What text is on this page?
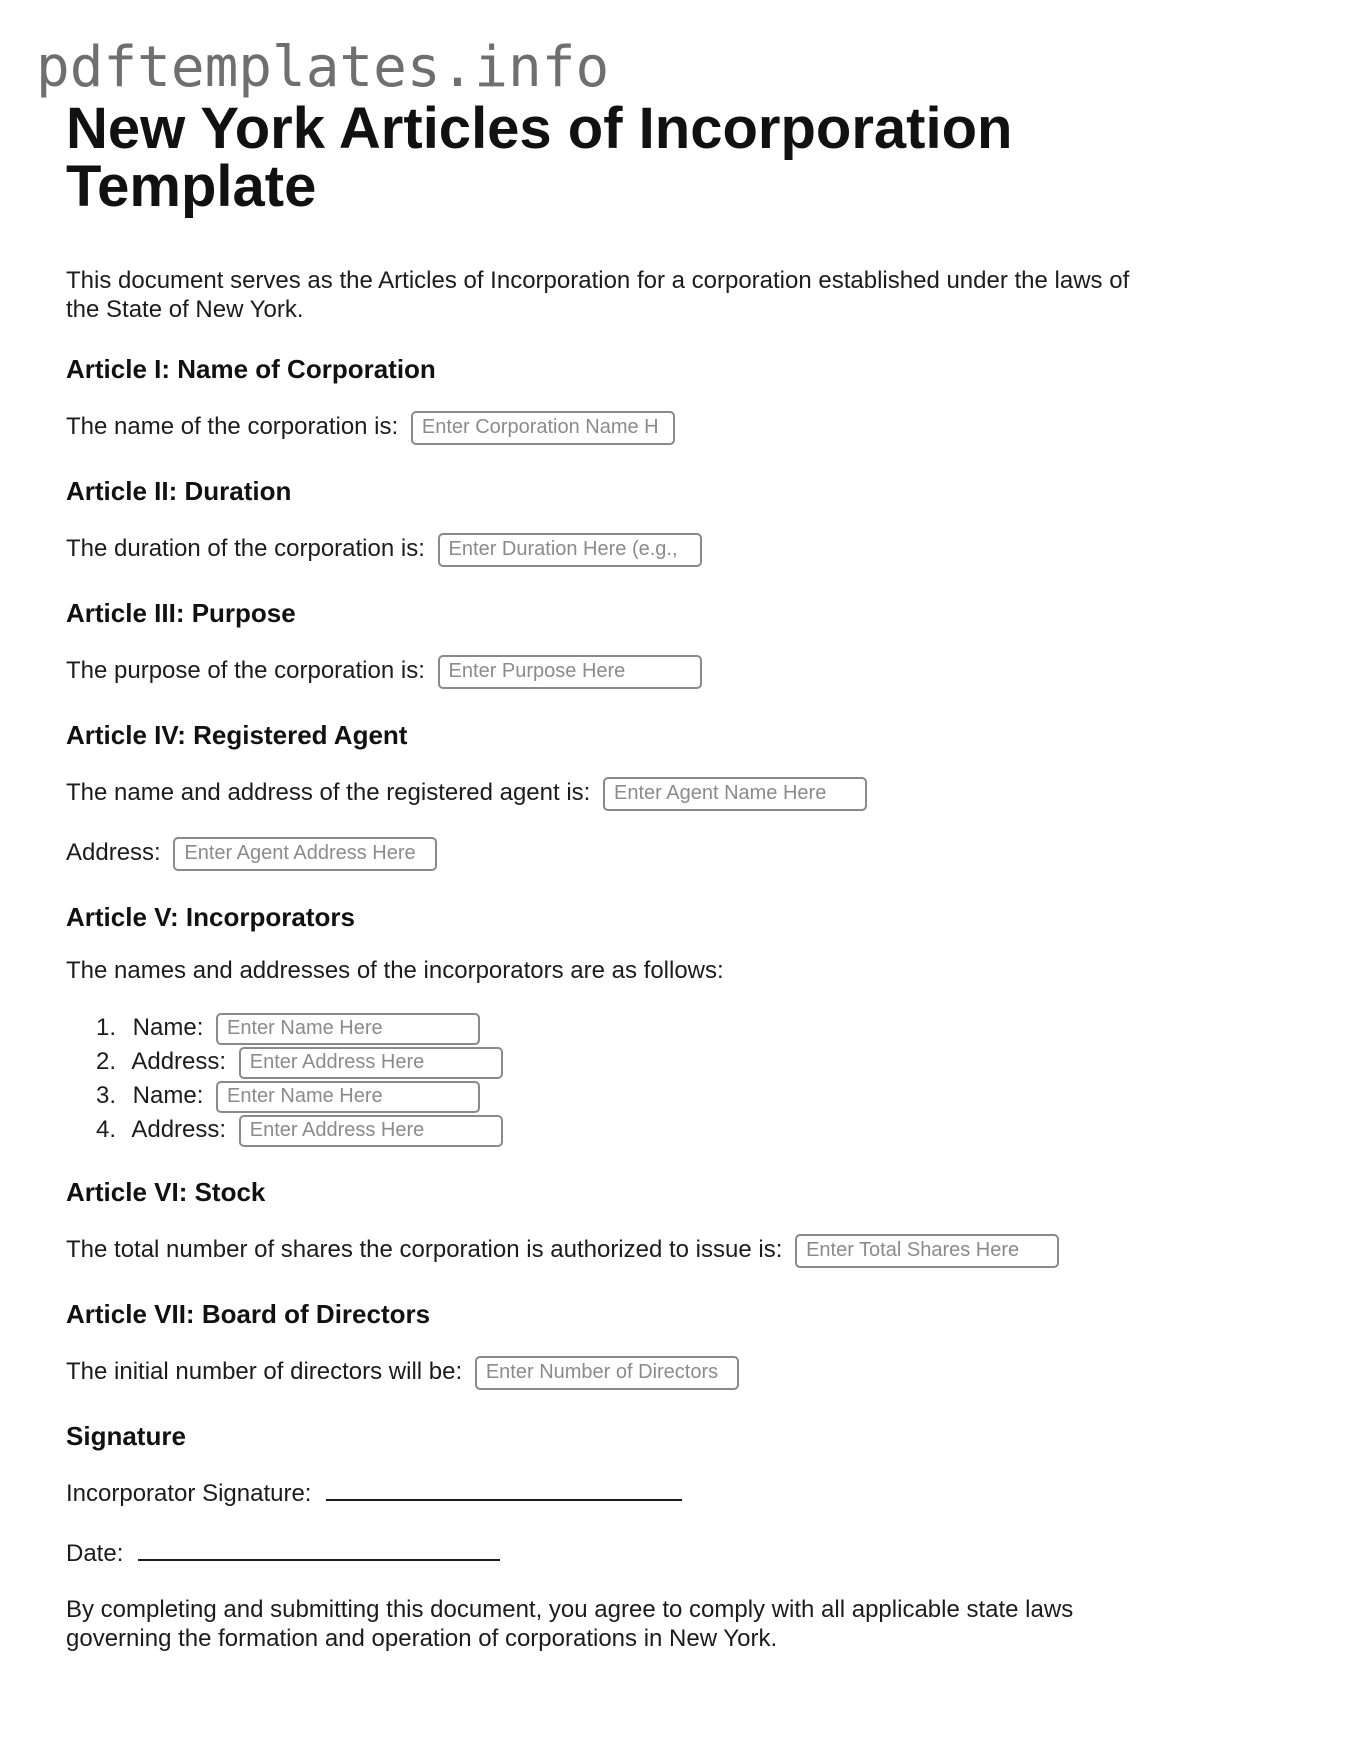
pdftemplates.info
New York Articles of Incorporation Template

This document serves as the Articles of Incorporation for a corporation established under the laws of the State of New York.

Article I: Name of Corporation

The name of the corporation is: Enter Corporation Name H

Article II: Duration

The duration of the corporation is: Enter Duration Here (e.g.,

Article III: Purpose

The purpose of the corporation is: Enter Purpose Here

Article IV: Registered Agent

The name and address of the registered agent is: Enter Agent Name Here

Address: Enter Agent Address Here

Article V: Incorporators

The names and addresses of the incorporators are as follows:

1. Name: Enter Name Here
2. Address: Enter Address Here
3. Name: Enter Name Here
4. Address: Enter Address Here
Article VI: Stock

The total number of shares the corporation is authorized to issue is: Enter Total Shares Here

Article VII: Board of Directors

The initial number of directors will be: Enter Number of Directors

Signature

Incorporator Signature:

Date:

By completing and submitting this document, you agree to comply with all applicable state laws governing the formation and operation of corporations in New York.
